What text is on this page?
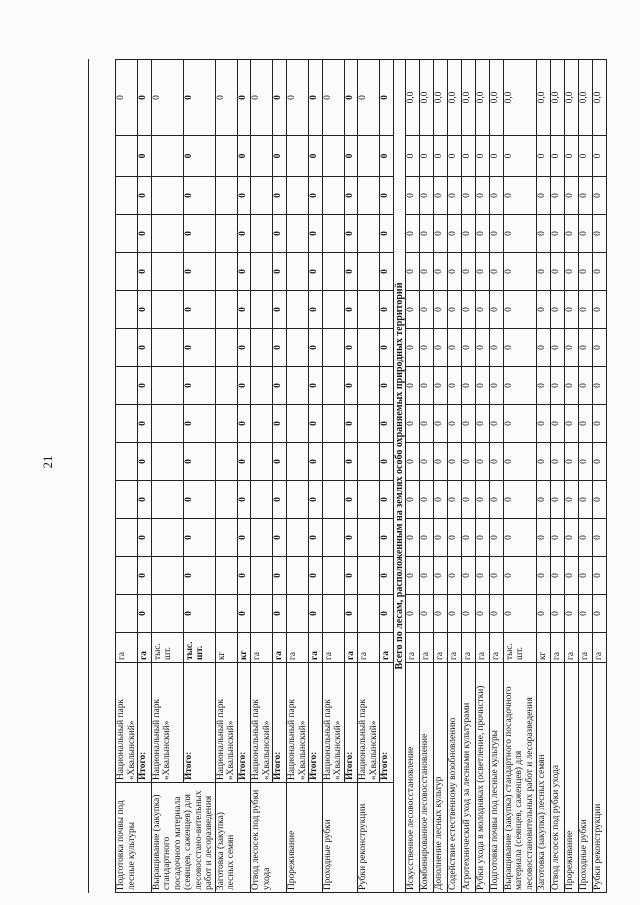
21
Подготовка почвы под лесные культуры	Национальный парк «Хвалынский»	га														0
	Итого:	га	0	0	0	0	0	0	0	0	0	0	0	0	0	0
Выращивание (закупка) стандартного посадочного материала (сеянцев, саженцев) для лесовосстано-вительных работ и лесоразведения	Национальный парк «Хвалынский»	тыс. шт.														0
	Итого:	тыс. шт.	0	0	0	0	0	0	0	0	0	0	0	0	0	0
Заготовка (закупка) лесных семян	Национальный парк «Хвалынский»	кг														0
	Итого:	кг	0	0	0	0	0	0	0	0	0	0	0	0	0	0
Отвод лесосек под рубки ухода	Национальный парк «Хвалынский»	га														0
	Итого:	га	0	0	0	0	0	0	0	0	0	0	0	0	0	0
Прореживание	Национальный парк «Хвалынский»	га														0
	Итого:	га	0	0	0	0	0	0	0	0	0	0	0	0	0	0
Проходные рубки	Национальный парк «Хвалынский»	га														0
	Итого:	га	0	0	0	0	0	0	0	0	0	0	0	0	0	0
Рубки реконструкции	Национальный парк «Хвалынский»	га														0
	Итого:	га	0	0	0	0	0	0	0	0	0	0	0	0	0	0
Всего по лесам, расположенным на землях особо охраняемых природных территорий																
Искусственное лесовосстановление		га	0	0	0	0	0	0	0	0	0	0	0	0	0	0,0
Комбинированное лесовосстановление		га	0	0	0	0	0	0	0	0	0	0	0	0	0	0,0
Дополнение лесных культур		га	0	0	0	0	0	0	0	0	0	0	0	0	0	0,0
Содействие естественному возобновлению		га	0	0	0	0	0	0	0	0	0	0	0	0	0	0,0
Агротехнический уход за лесными культурами		га	0	0	0	0	0	0	0	0	0	0	0	0	0	0,0
Рубки ухода в молодняках (осветление, прочистки)		га	0	0	0	0	0	0	0	0	0	0	0	0	0	0,0
Подготовка почвы под лесные культуры		га	0	0	0	0	0	0	0	0	0	0	0	0	0	0,0
Выращивание (закупка) стандартного посадочного материала (сеянцев, саженцев) для лесовосстановительных работ и лесоразведения		тыс. шт.	0	0	0	0	0	0	0	0	0	0	0	0	0	0,0
Заготовка (закупка) лесных семян		кг	0	0	0	0	0	0	0	0	0	0	0	0	0	0,0
Отвод лесосек под рубки ухода		га	0	0	0	0	0	0	0	0	0	0	0	0	0	0,0
Прореживание		га	0	0	0	0	0	0	0	0	0	0	0	0	0	0,0
Проходные рубки		га	0	0	0	0	0	0	0	0	0	0	0	0	0	0,0
Рубки реконструкции		га	0	0	0	0	0	0	0	0	0	0	0	0	0	0,0
